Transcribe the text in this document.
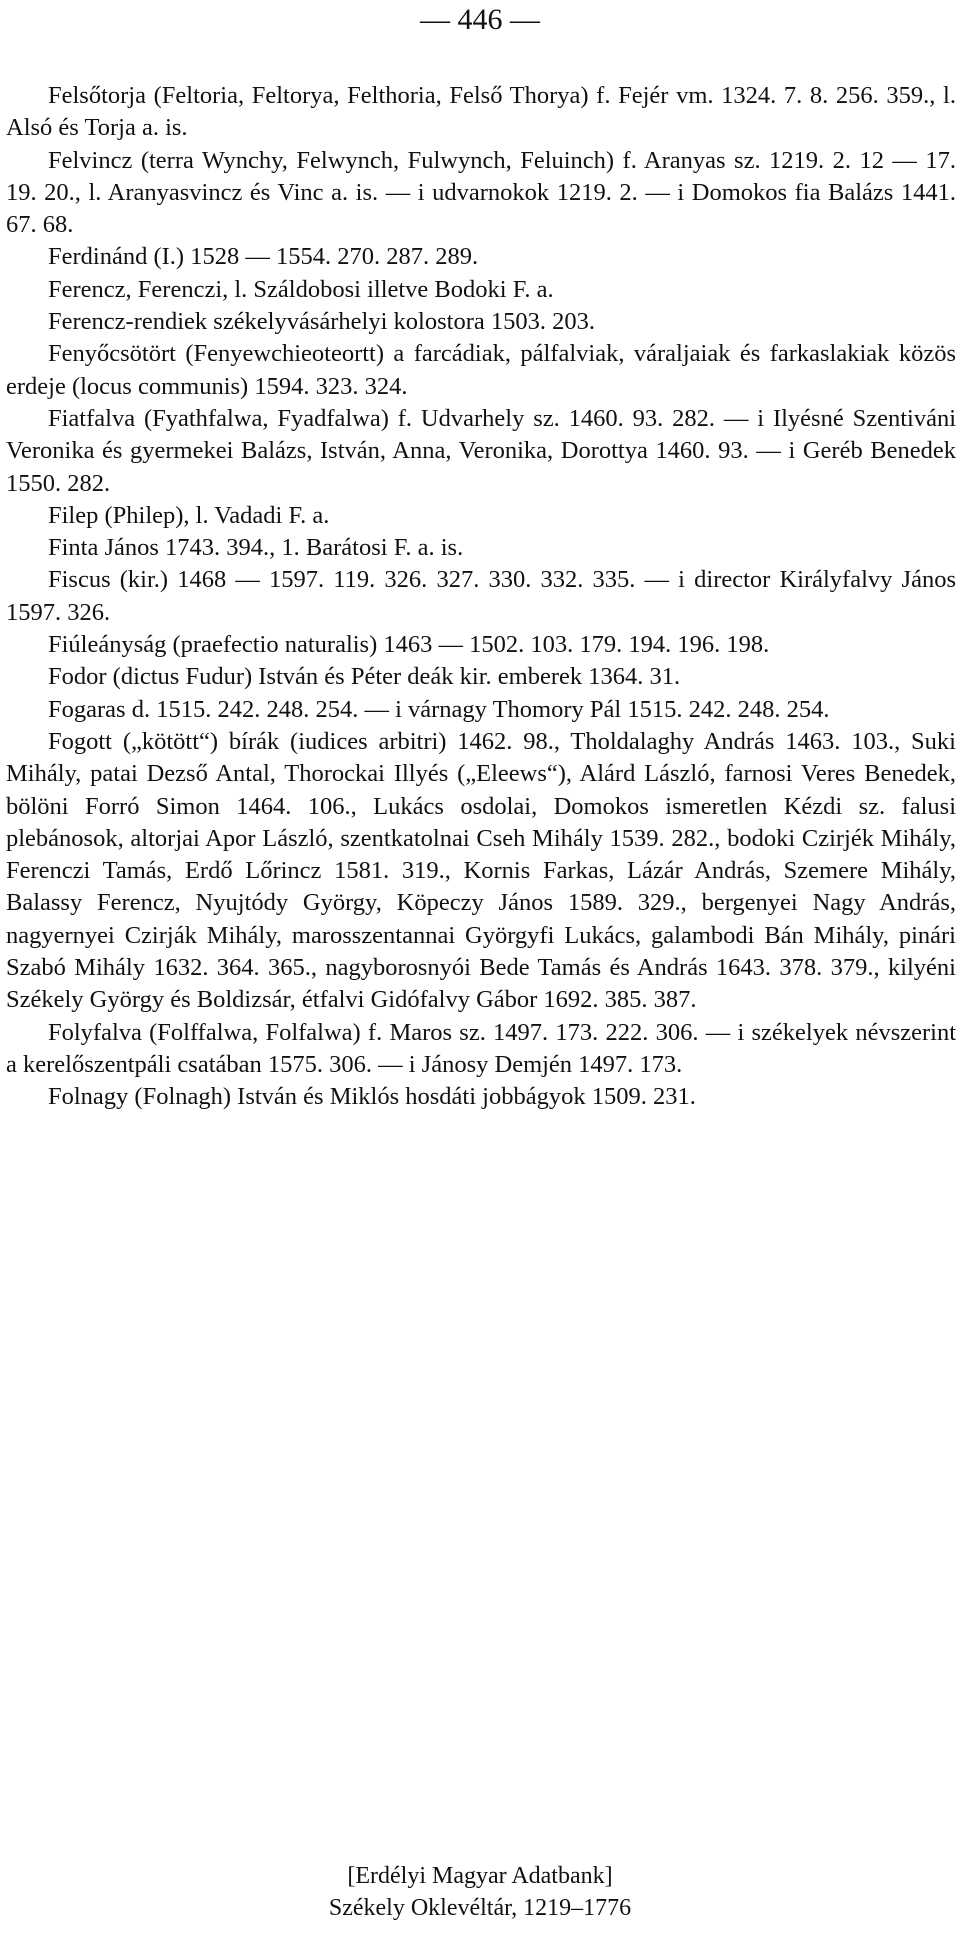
— 446 —

Felsőtorja (Feltoria, Feltorya, Felthoria, Felső Thorya) f. Fejér vm. 1324. 7. 8. 256. 359., l. Alsó és Torja a. is.

Felvincz (terra Wynchy, Felwynch, Fulwynch, Feluinch) f. Aranyas sz. 1219. 2. 12 — 17. 19. 20., l. Aranyasvincz és Vinc a. is. — i udvarnokok 1219. 2. — i Domokos fia Balázs 1441. 67. 68.

Ferdinánd (I.) 1528 — 1554. 270. 287. 289.

Ferencz, Ferenczi, l. Száldobosi illetve Bodoki F. a.

Ferencz-rendiek székelyvásárhelyi kolostora 1503. 203.

Fenyőcsötört (Fenyewchieoteortt) a farcádiak, pálfalviak, váraljaiak és farkaslakiak közös erdeje (locus communis) 1594. 323. 324.

Fiatfalva (Fyathfalwa, Fyadfalwa) f. Udvarhely sz. 1460. 93. 282. — i Ilyésné Szentiváni Veronika és gyermekei Balázs, István, Anna, Veronika, Dorottya 1460. 93. — i Geréb Benedek 1550. 282.

Filep (Philep), l. Vadadi F. a.

Finta János 1743. 394., 1. Barátosi F. a. is.

Fiscus (kir.) 1468 — 1597. 119. 326. 327. 330. 332. 335. — i director Királyfalvy János 1597. 326.

Fiúleányság (praefectio naturalis) 1463 — 1502. 103. 179. 194. 196. 198.

Fodor (dictus Fudur) István és Péter deák kir. emberek 1364. 31.

Fogaras d. 1515. 242. 248. 254. — i várnagy Thomory Pál 1515. 242. 248. 254.

Fogott („kötött“) bírák (iudices arbitri) 1462. 98., Tholdalaghy András 1463. 103., Suki Mihály, patai Dezső Antal, Thorockai Illyés („Eleews“), Alárd László, farnosi Veres Benedek, bölöni Forró Simon 1464. 106., Lukács osdolai, Domokos ismeretlen Kézdi sz. falusi plebánosok, altorjai Apor László, szentkatolnai Cseh Mihály 1539. 282., bodoki Czirjék Mihály, Ferenczi Tamás, Erdő Lőrincz 1581. 319., Kornis Farkas, Lázár András, Szemere Mihály, Balassy Ferencz, Nyujtódy György, Köpeczy János 1589. 329., bergenyei Nagy András, nagyernyei Czirják Mihály, marosszentannai Györgyfi Lukács, galambodi Bán Mihály, pinári Szabó Mihály 1632. 364. 365., nagyborosnyói Bede Tamás és András 1643. 378. 379., kilyéni Székely György és Boldizsár, étfalvi Gidófalvy Gábor 1692. 385. 387.

Folyfalva (Folffalwa, Folfalwa) f. Maros sz. 1497. 173. 222. 306. — i székelyek névszerint a kerelőszentpáli csatában 1575. 306. — i Jánosy Demjén 1497. 173.

Folnagy (Folnagh) István és Miklós hosdáti jobbágyok 1509. 231.

[Erdélyi Magyar Adatbank]
Székely Oklevéltár, 1219–1776
